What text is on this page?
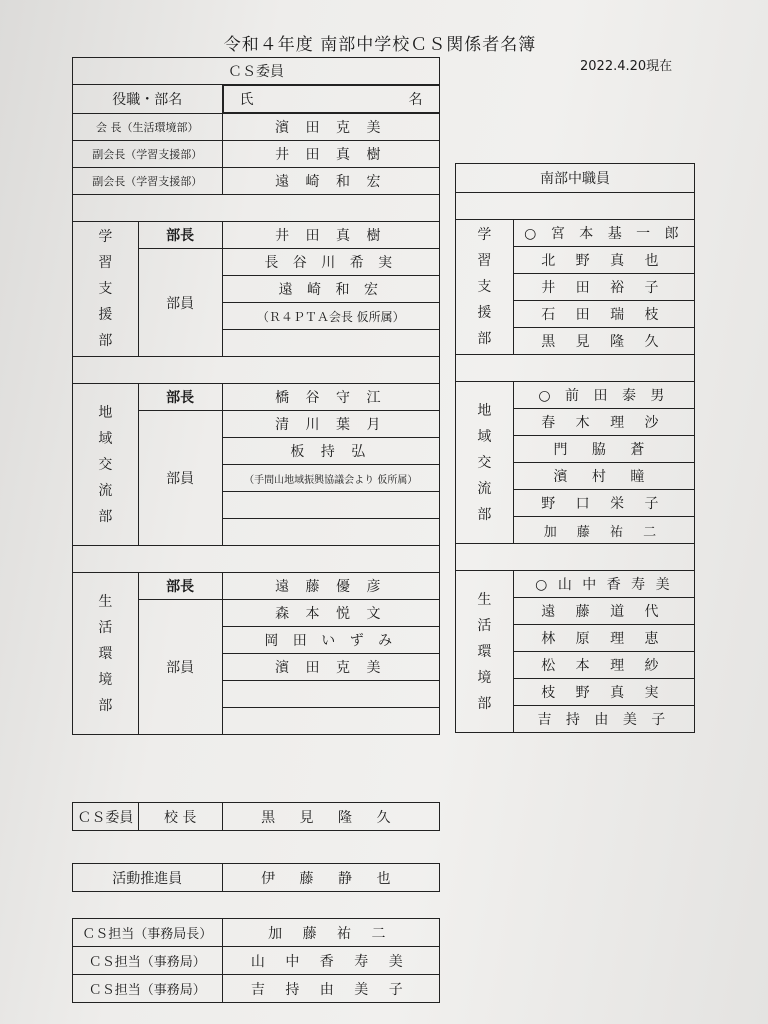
令和４年度 南部中学校ＣＳ関係者名簿
2022.4.20現在
ＣＳ委員		
役職・部名		氏	名

会 長（生活環境部）		濱 田 克 美
副会長（学習支援部）		井 田 真 樹
副会長（学習支援部）		遠 崎 和 宏

学習支援部	部長	井 田 真 樹
	部員	長 谷 川 希 実
		遠 崎 和 宏
		（Ｒ４ＰＴＡ会長 仮所属）

地域交流部	部長	橋 谷 守 江
	部員	清 川 葉 月
		板 持 弘
		（手間山地域振興協議会より 仮所属）

生活環境部	部長	遠 藤 優 彦
	部員	森 本 悦 文
		岡 田 い ず み
		濱 田 克 美

ＣＳ委員	校 長	黒 見 隆 久
活動推進員	伊 藤 静 也
ＣＳ担当（事務局長）	加 藤 祐 二
ＣＳ担当（事務局）	山 中 香 寿 美
ＣＳ担当（事務局）	吉 持 由 美 子
南部中職員	

学習支援部	○ 宮 本 基 一 郎
	北 野 真 也
	井 田 裕 子
	石 田 瑞 枝
	黒 見 隆 久

地域交流部	○ 前 田 泰 男
	春 木 理 沙
	門 脇 蒼
	濱 村 瞳
	野 口 栄 子
	加 藤 祐 二

生活環境部	○ 山 中 香 寿 美
	遠 藤 道 代
	林 原 理 恵
	松 本 理 紗
	枝 野 真 実
	吉 持 由 美 子
